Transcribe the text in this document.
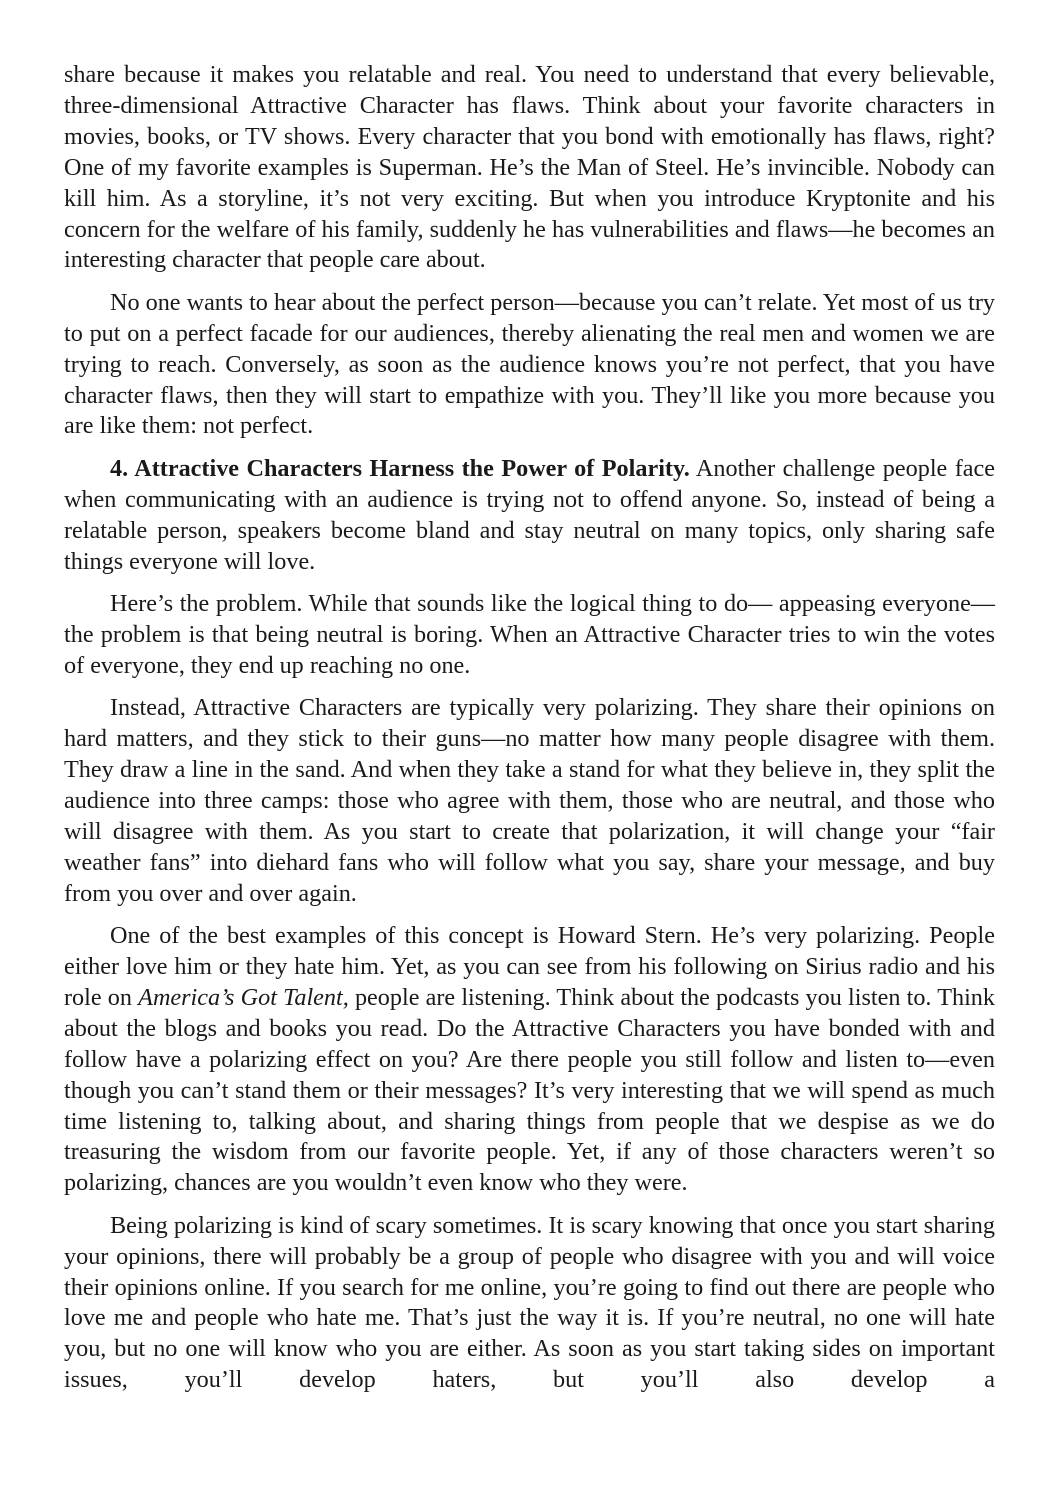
share because it makes you relatable and real. You need to understand that every believable, three-dimensional Attractive Character has flaws. Think about your favorite characters in movies, books, or TV shows. Every character that you bond with emotionally has flaws, right? One of my favorite examples is Superman. He’s the Man of Steel. He’s invincible. Nobody can kill him. As a storyline, it’s not very exciting. But when you introduce Kryptonite and his concern for the welfare of his family, suddenly he has vulnerabilities and flaws—he becomes an interesting character that people care about.

No one wants to hear about the perfect person—because you can’t relate. Yet most of us try to put on a perfect facade for our audiences, thereby alienating the real men and women we are trying to reach. Conversely, as soon as the audience knows you’re not perfect, that you have character flaws, then they will start to empathize with you. They’ll like you more because you are like them: not perfect.

4. Attractive Characters Harness the Power of Polarity. Another challenge people face when communicating with an audience is trying not to offend anyone. So, instead of being a relatable person, speakers become bland and stay neutral on many topics, only sharing safe things everyone will love.

Here’s the problem. While that sounds like the logical thing to do— appeasing everyone—the problem is that being neutral is boring. When an Attractive Character tries to win the votes of everyone, they end up reaching no one.

Instead, Attractive Characters are typically very polarizing. They share their opinions on hard matters, and they stick to their guns—no matter how many people disagree with them. They draw a line in the sand. And when they take a stand for what they believe in, they split the audience into three camps: those who agree with them, those who are neutral, and those who will disagree with them. As you start to create that polarization, it will change your “fair weather fans” into diehard fans who will follow what you say, share your message, and buy from you over and over again.

One of the best examples of this concept is Howard Stern. He’s very polarizing. People either love him or they hate him. Yet, as you can see from his following on Sirius radio and his role on America’s Got Talent, people are listening. Think about the podcasts you listen to. Think about the blogs and books you read. Do the Attractive Characters you have bonded with and follow have a polarizing effect on you? Are there people you still follow and listen to—even though you can’t stand them or their messages? It’s very interesting that we will spend as much time listening to, talking about, and sharing things from people that we despise as we do treasuring the wisdom from our favorite people. Yet, if any of those characters weren’t so polarizing, chances are you wouldn’t even know who they were.

Being polarizing is kind of scary sometimes. It is scary knowing that once you start sharing your opinions, there will probably be a group of people who disagree with you and will voice their opinions online. If you search for me online, you’re going to find out there are people who love me and people who hate me. That’s just the way it is. If you’re neutral, no one will hate you, but no one will know who you are either. As soon as you start taking sides on important issues, you’ll develop haters, but you’ll also develop a
